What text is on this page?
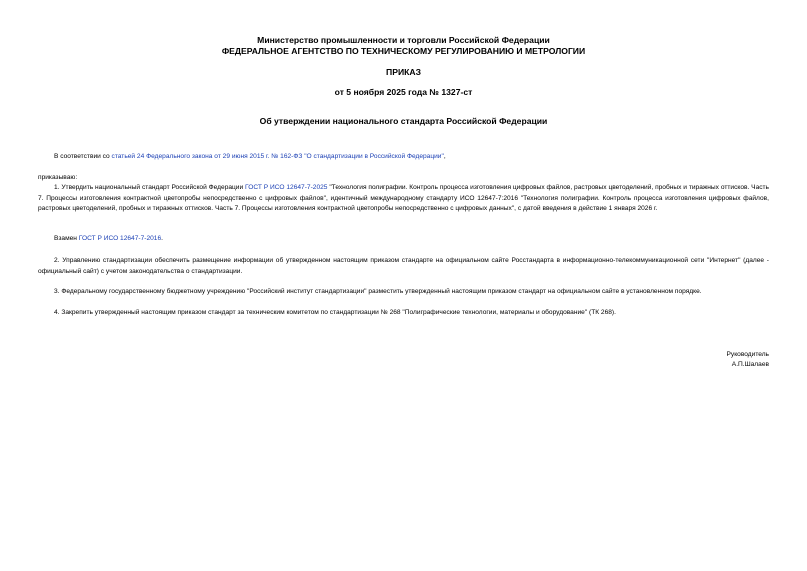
Министерство промышленности и торговли Российской Федерации
ФЕДЕРАЛЬНОЕ АГЕНТСТВО ПО ТЕХНИЧЕСКОМУ РЕГУЛИРОВАНИЮ И МЕТРОЛОГИИ
ПРИКАЗ
от 5 ноября 2025 года № 1327-ст
Об утверждении национального стандарта Российской Федерации
В соответствии со статьей 24 Федерального закона от 29 июня 2015 г. № 162-ФЗ "О стандартизации в Российской Федерации",
приказываю:
1. Утвердить национальный стандарт Российской Федерации ГОСТ Р ИСО 12647-7-2025 "Технология полиграфии. Контроль процесса изготовления цифровых файлов, растровых цветоделений, пробных и тиражных оттисков. Часть 7. Процессы изготовления контрактной цветопробы непосредственно с цифровых файлов", идентичный международному стандарту ИСО 12647-7:2016 "Технология полиграфии. Контроль процесса изготовления цифровых файлов, растровых цветоделений, пробных и тиражных оттисков. Часть 7. Процессы изготовления контрактной цветопробы непосредственно с цифровых данных", с датой введения в действие 1 января 2026 г.
Взамен ГОСТ Р ИСО 12647-7-2016.
2. Управлению стандартизации обеспечить размещение информации об утвержденном настоящим приказом стандарте на официальном сайте Росстандарта в информационно-телекоммуникационной сети "Интернет" (далее - официальный сайт) с учетом законодательства о стандартизации.
3. Федеральному государственному бюджетному учреждению "Российский институт стандартизации" разместить утвержденный настоящим приказом стандарт на официальном сайте в установленном порядке.
4. Закрепить утвержденный настоящим приказом стандарт за техническим комитетом по стандартизации № 268 "Полиграфические технологии, материалы и оборудование" (ТК 268).
Руководитель
А.П.Шалаев
